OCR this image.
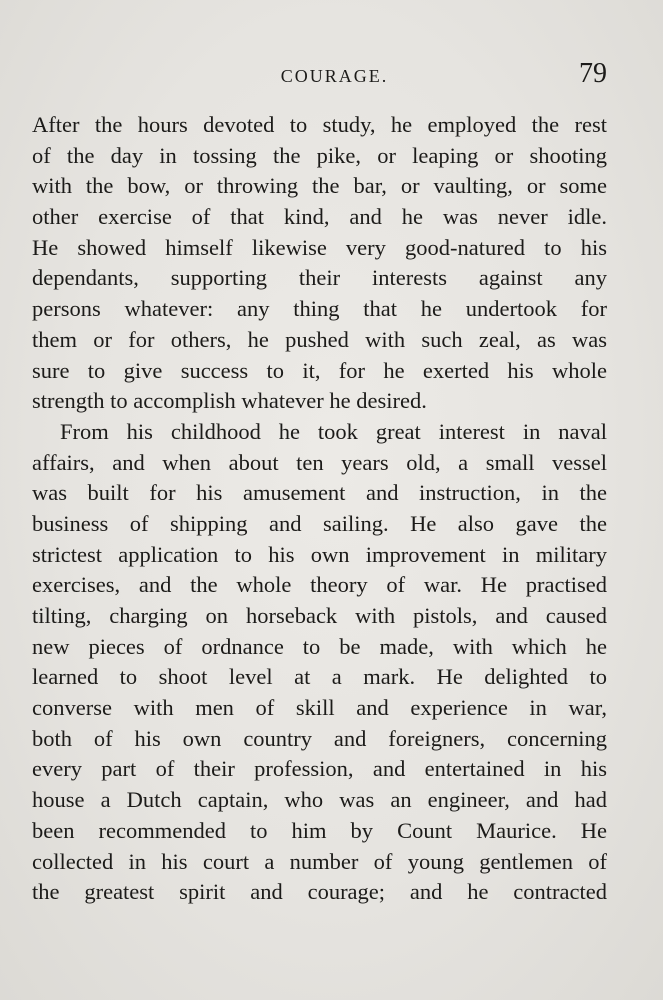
COURAGE.	79
After the hours devoted to study, he employed the rest
of the day in tossing the pike, or leaping or shooting
with the bow, or throwing the bar, or vaulting, or some
other exercise of that kind, and he was never idle.
He showed himself likewise very good-natured to his
dependants, supporting their interests against any
persons whatever: any thing that he undertook for
them or for others, he pushed with such zeal, as was
sure to give success to it, for he exerted his whole
strength to accomplish whatever he desired.
From his childhood he took great interest in naval
affairs, and when about ten years old, a small vessel
was built for his amusement and instruction, in the
business of shipping and sailing. He also gave the
strictest application to his own improvement in military
exercises, and the whole theory of war. He practised
tilting, charging on horseback with pistols, and caused
new pieces of ordnance to be made, with which he
learned to shoot level at a mark. He delighted to
converse with men of skill and experience in war,
both of his own country and foreigners, concerning
every part of their profession, and entertained in his
house a Dutch captain, who was an engineer, and had
been recommended to him by Count Maurice. He
collected in his court a number of young gentlemen of
the greatest spirit and courage; and he contracted
